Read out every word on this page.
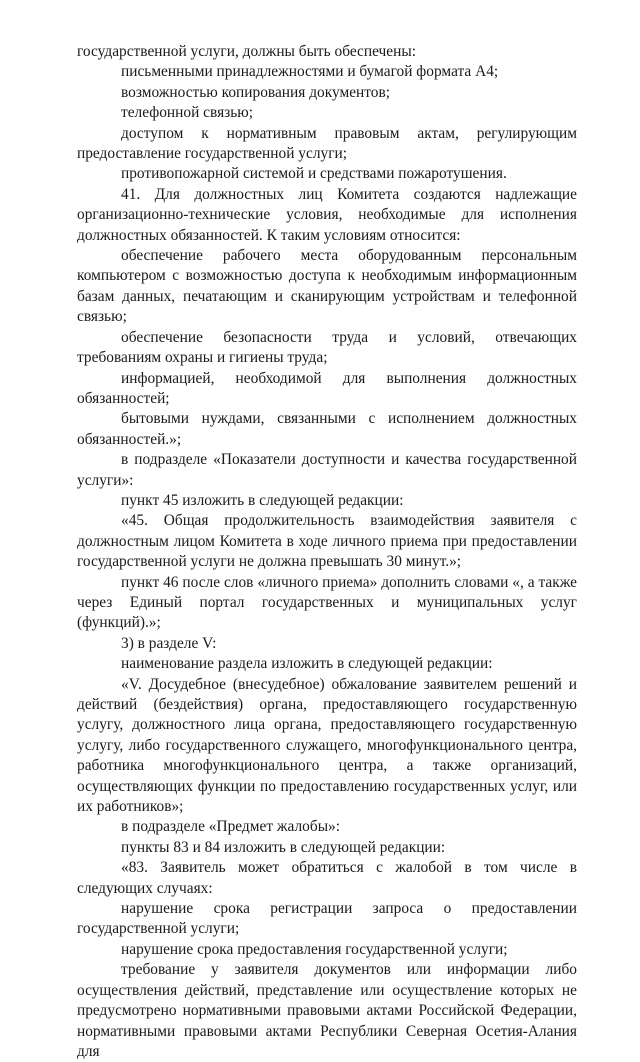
государственной услуги, должны быть обеспечены:

письменными принадлежностями и бумагой формата А4;

возможностью копирования документов;

телефонной связью;

доступом к нормативным правовым актам, регулирующим предоставление государственной услуги;

противопожарной системой и средствами пожаротушения.

41. Для должностных лиц Комитета создаются надлежащие организационно-технические условия, необходимые для исполнения должностных обязанностей. К таким условиям относится:

обеспечение рабочего места оборудованным персональным компьютером с возможностью доступа к необходимым информационным базам данных, печатающим и сканирующим устройствам и телефонной связью;

обеспечение безопасности труда и условий, отвечающих требованиям охраны и гигиены труда;

информацией, необходимой для выполнения должностных обязанностей;

бытовыми нуждами, связанными с исполнением должностных обязанностей.»;

в подразделе «Показатели доступности и качества государственной услуги»:

пункт 45 изложить в следующей редакции:

«45. Общая продолжительность взаимодействия заявителя с должностным лицом Комитета в ходе личного приема при предоставлении государственной услуги не должна превышать 30 минут.»;

пункт 46 после слов «личного приема» дополнить словами «, а также через Единый портал государственных и муниципальных услуг (функций).»;

3) в разделе V:

наименование раздела изложить в следующей редакции:

«V. Досудебное (внесудебное) обжалование заявителем решений и действий (бездействия) органа, предоставляющего государственную услугу, должностного лица органа, предоставляющего государственную услугу, либо государственного служащего, многофункционального центра, работника многофункционального центра, а также организаций, осуществляющих функции по предоставлению государственных услуг, или их работников»;

в подразделе «Предмет жалобы»:

пункты 83 и 84 изложить в следующей редакции:

«83. Заявитель может обратиться с жалобой в том числе в следующих случаях:

нарушение срока регистрации запроса о предоставлении государственной услуги;

нарушение срока предоставления государственной услуги;

требование у заявителя документов или информации либо осуществления действий, представление или осуществление которых не предусмотрено нормативными правовыми актами Российской Федерации, нормативными правовыми актами Республики Северная Осетия-Алания для
